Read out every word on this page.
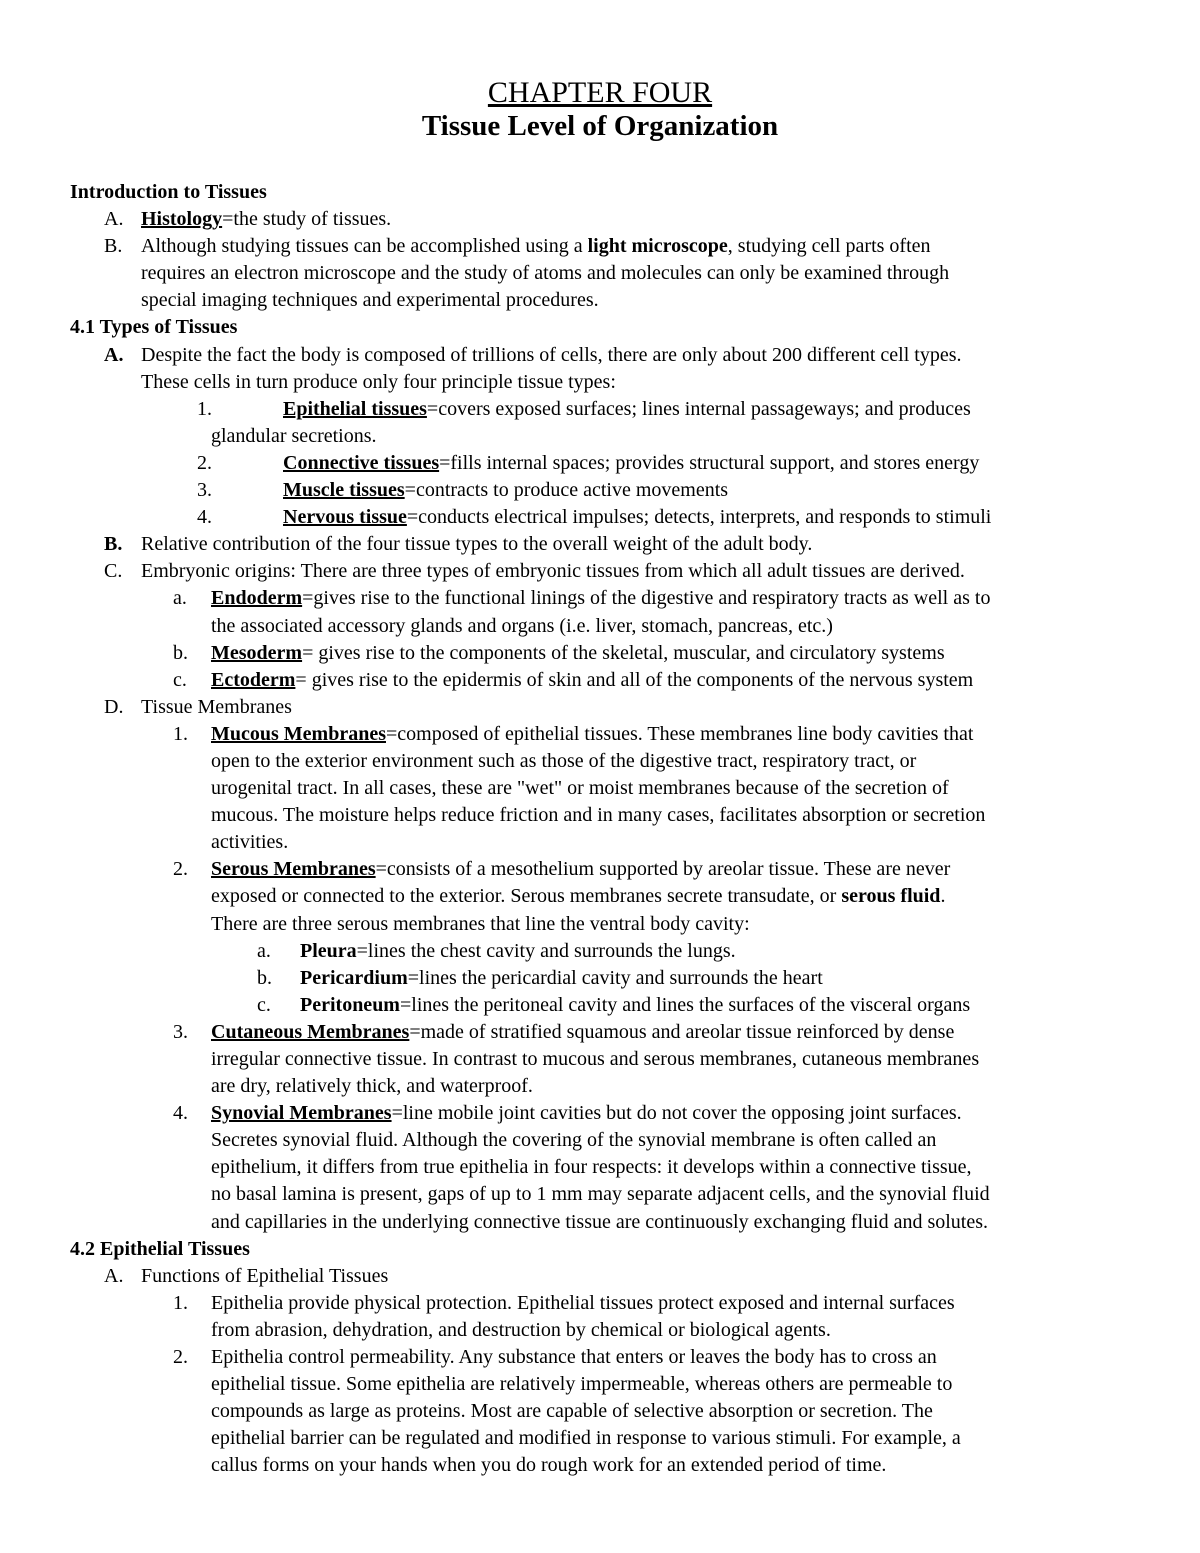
CHAPTER FOUR
Tissue Level of Organization
Introduction to Tissues
A. Histology=the study of tissues.
B. Although studying tissues can be accomplished using a light microscope, studying cell parts often
requires an electron microscope and the study of atoms and molecules can only be examined through
special imaging techniques and experimental procedures.
4.1 Types of Tissues
A. Despite the fact the body is composed of trillions of cells, there are only about 200 different cell types.
These cells in turn produce only four principle tissue types:
1.	Epithelial tissues=covers exposed surfaces; lines internal passageways; and produces
glandular secretions.
2.	Connective tissues=fills internal spaces; provides structural support, and stores energy
3.	Muscle tissues=contracts to produce active movements
4.	Nervous tissue=conducts electrical impulses; detects, interprets, and responds to stimuli
B. Relative contribution of the four tissue types to the overall weight of the adult body.
C. Embryonic origins: There are three types of embryonic tissues from which all adult tissues are derived.
a. Endoderm=gives rise to the functional linings of the digestive and respiratory tracts as well as to
the associated accessory glands and organs (i.e. liver, stomach, pancreas, etc.)
b. Mesoderm= gives rise to the components of the skeletal, muscular, and circulatory systems
c. Ectoderm= gives rise to the epidermis of skin and all of the components of the nervous system
D. Tissue Membranes
1. Mucous Membranes=composed of epithelial tissues. These membranes line body cavities that
open to the exterior environment such as those of the digestive tract, respiratory tract, or
urogenital tract. In all cases, these are "wet" or moist membranes because of the secretion of
mucous. The moisture helps reduce friction and in many cases, facilitates absorption or secretion
activities.
2. Serous Membranes=consists of a mesothelium supported by areolar tissue. These are never
exposed or connected to the exterior. Serous membranes secrete transudate, or serous fluid.
There are three serous membranes that line the ventral body cavity:
a. Pleura=lines the chest cavity and surrounds the lungs.
b. Pericardium=lines the pericardial cavity and surrounds the heart
c. Peritoneum=lines the peritoneal cavity and lines the surfaces of the visceral organs
3. Cutaneous Membranes=made of stratified squamous and areolar tissue reinforced by dense
irregular connective tissue. In contrast to mucous and serous membranes, cutaneous membranes
are dry, relatively thick, and waterproof.
4. Synovial Membranes=line mobile joint cavities but do not cover the opposing joint surfaces.
Secretes synovial fluid. Although the covering of the synovial membrane is often called an
epithelium, it differs from true epithelia in four respects: it develops within a connective tissue,
no basal lamina is present, gaps of up to 1 mm may separate adjacent cells, and the synovial fluid
and capillaries in the underlying connective tissue are continuously exchanging fluid and solutes.
4.2 Epithelial Tissues
A. Functions of Epithelial Tissues
1. Epithelia provide physical protection. Epithelial tissues protect exposed and internal surfaces
from abrasion, dehydration, and destruction by chemical or biological agents.
2. Epithelia control permeability. Any substance that enters or leaves the body has to cross an
epithelial tissue. Some epithelia are relatively impermeable, whereas others are permeable to
compounds as large as proteins. Most are capable of selective absorption or secretion. The
epithelial barrier can be regulated and modified in response to various stimuli. For example, a
callus forms on your hands when you do rough work for an extended period of time.
